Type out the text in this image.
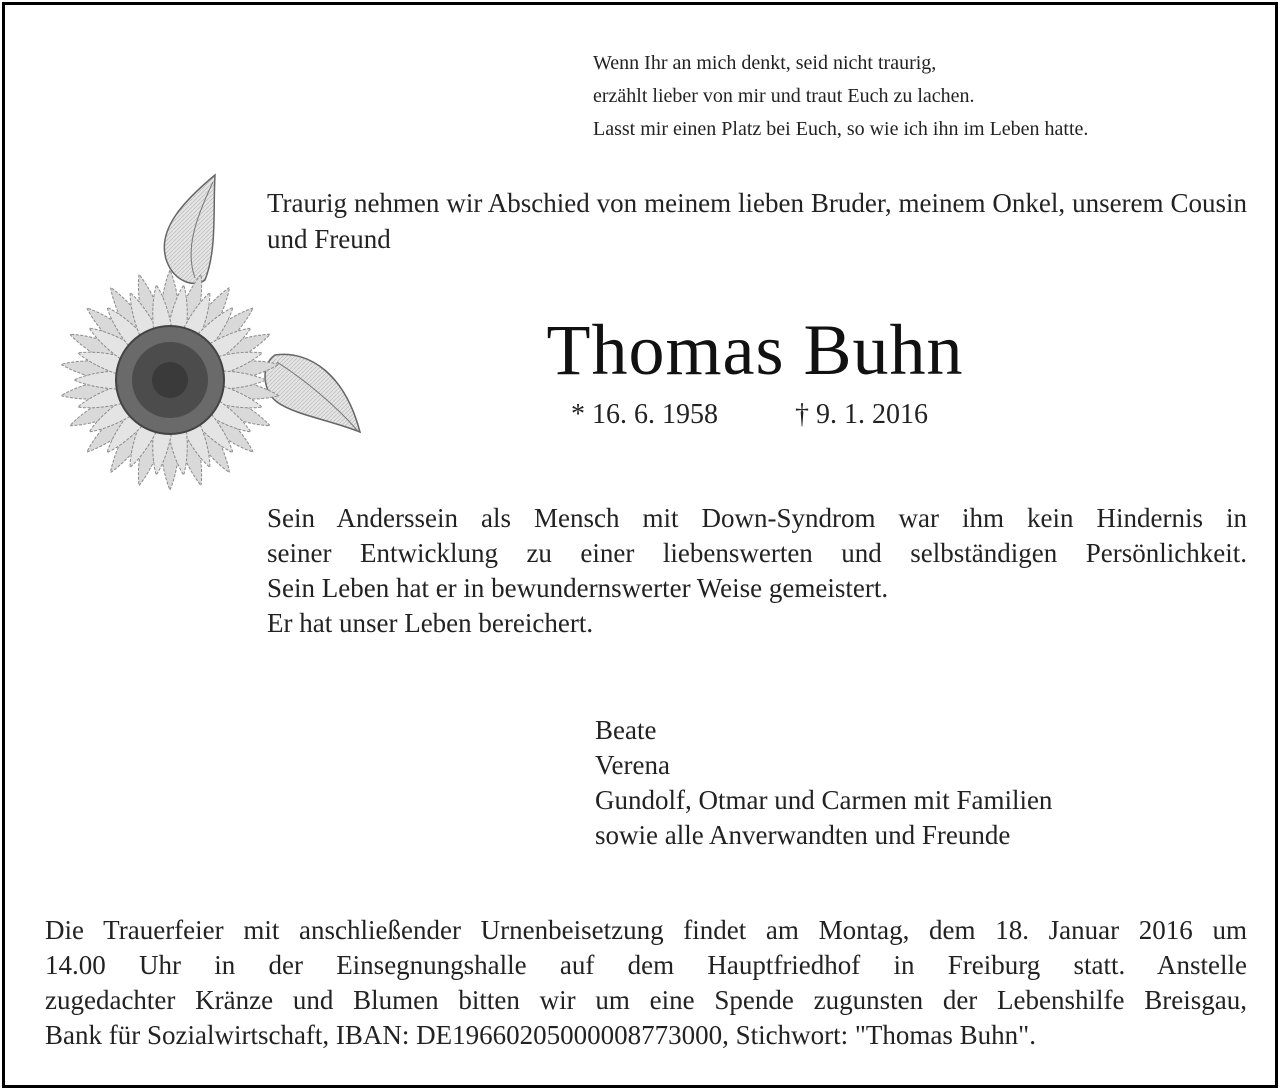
Wenn Ihr an mich denkt, seid nicht traurig,
erzählt lieber von mir und traut Euch zu lachen.
Lasst mir einen Platz bei Euch, so wie ich ihn im Leben hatte.
Traurig nehmen wir Abschied von meinem lieben Bruder, meinem Onkel, unserem Cousin und Freund
Thomas Buhn
* 16. 6. 1958	† 9. 1. 2016
Sein Anderssein als Mensch mit Down-Syndrom war ihm kein Hindernis in
seiner Entwicklung zu einer liebenswerten und selbständigen Persönlichkeit.
Sein Leben hat er in bewundernswerter Weise gemeistert.
Er hat unser Leben bereichert.
Beate
Verena
Gundolf, Otmar und Carmen mit Familien
sowie alle Anverwandten und Freunde
Die Trauerfeier mit anschließender Urnenbeisetzung findet am Montag, dem 18. Januar 2016 um
14.00 Uhr in der Einsegnungshalle auf dem Hauptfriedhof in Freiburg statt. Anstelle
zugedachter Kränze und Blumen bitten wir um eine Spende zugunsten der Lebenshilfe Breisgau,
Bank für Sozialwirtschaft, IBAN: DE19660205000008773000, Stichwort: "Thomas Buhn".
